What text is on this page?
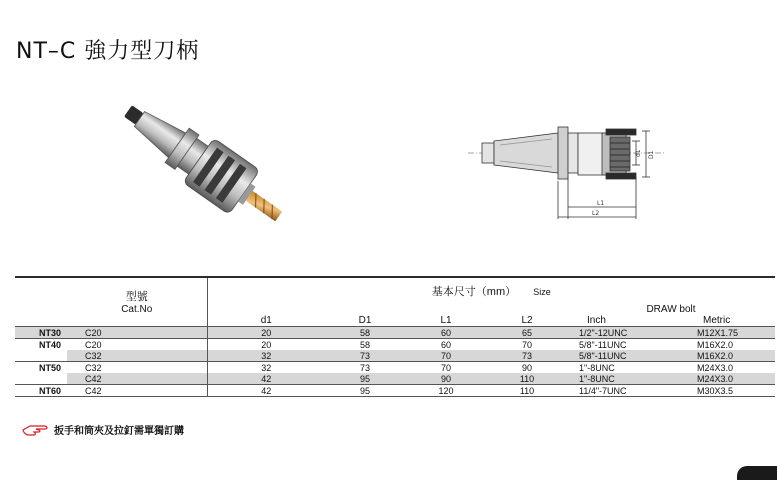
NT–C 強力型刀柄
d1 D1
L1
L2

	型號	基本尺寸（mm） Size					
	Cat.No					DRAW bolt	
		d1	D1	L1	L2	Inch	Metric
NT30	C20	20	58	60	65	1/2"-12UNC	M12X1.75
NT40	C20	20	58	60	70	5/8"-11UNC	M16X2.0
	C32	32	73	70	73	5/8"-11UNC	M16X2.0
NT50	C32	32	73	70	90	1"-8UNC	M24X3.0
	C42	42	95	90	110	1"-8UNC	M24X3.0
NT60	C42	42	95	120	110	11/4"-7UNC	M30X3.5
扳手和筒夾及拉釘需單獨訂購
